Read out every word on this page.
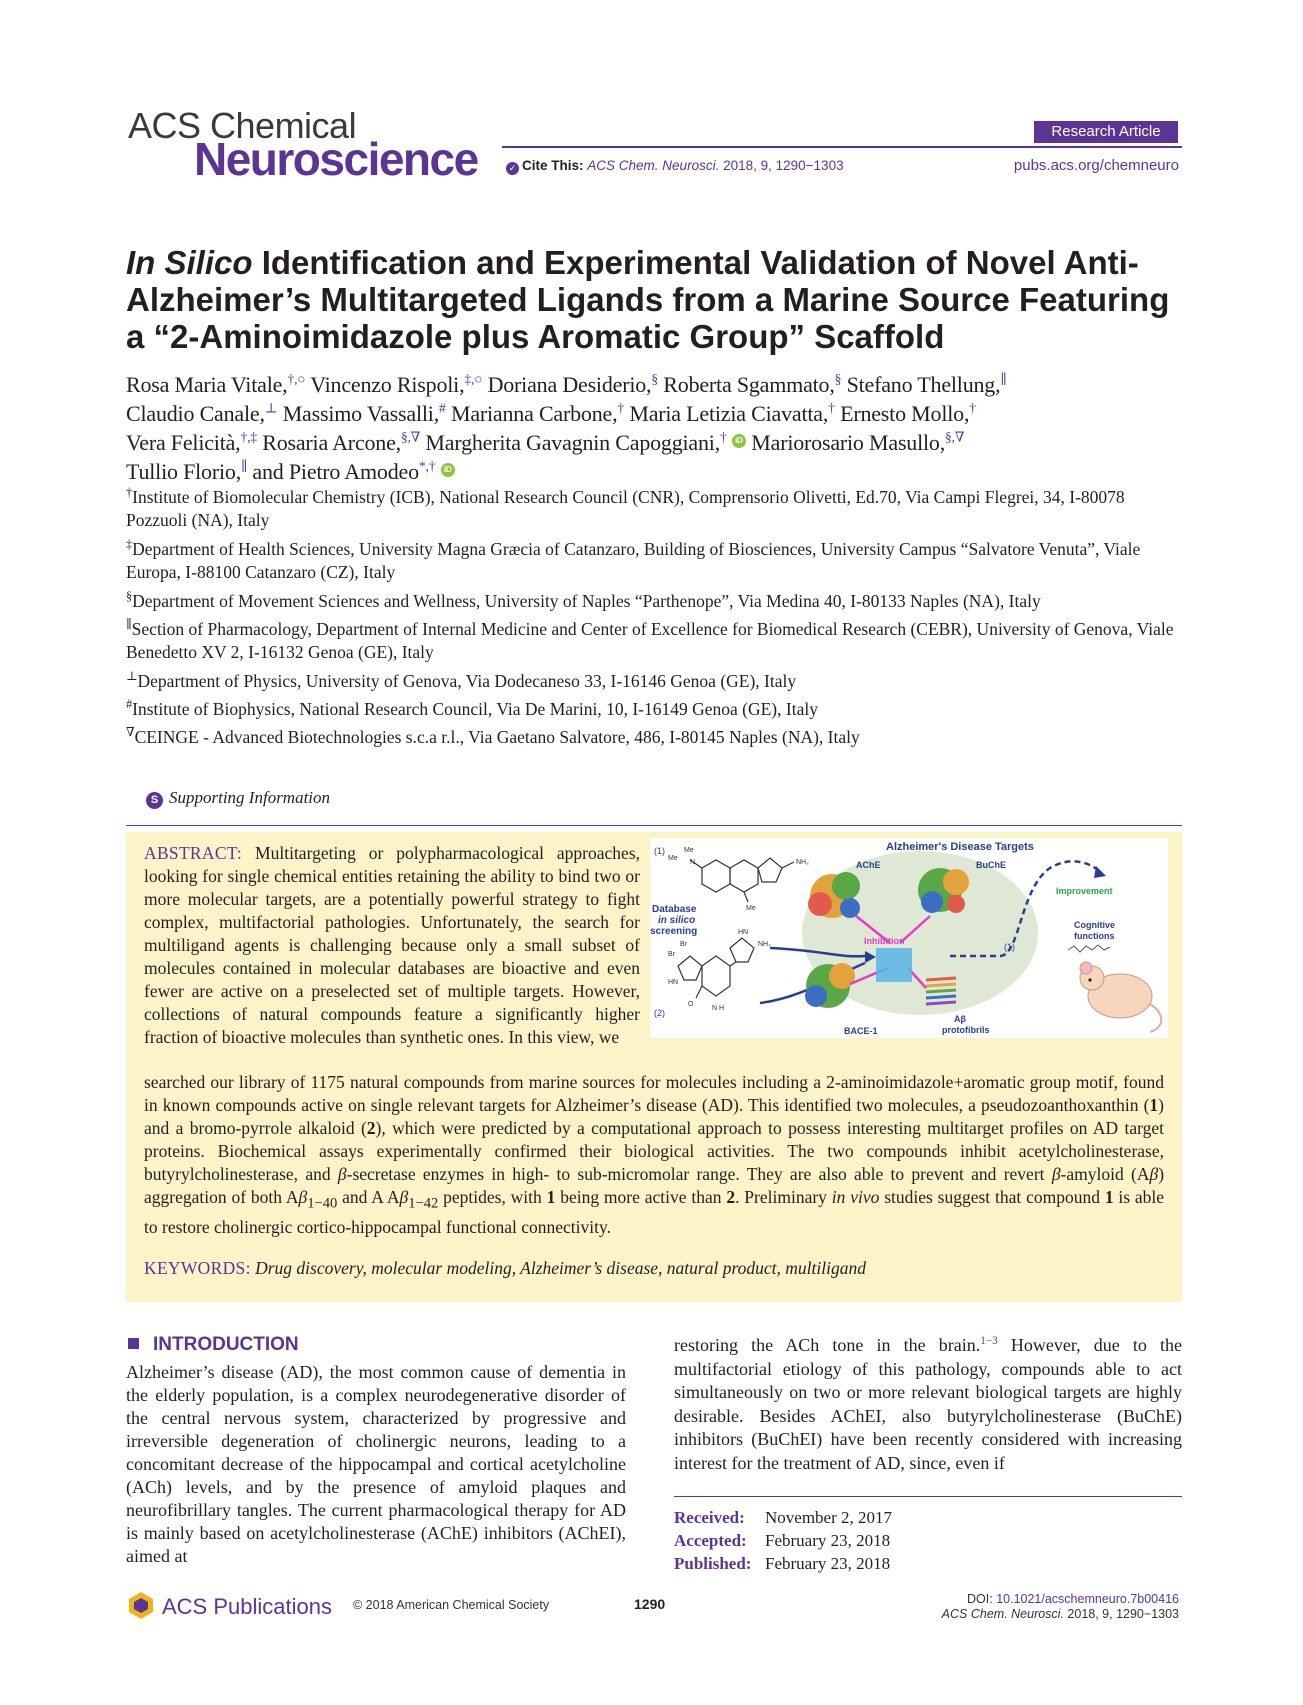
ACS Chemical
Neuroscience
Research Article
✓ Cite This: ACS Chem. Neurosci. 2018, 9, 1290−1303	pubs.acs.org/chemneuro
In Silico Identification and Experimental Validation of Novel Anti-Alzheimer’s Multitargeted Ligands from a Marine Source Featuring a “2-Aminoimidazole plus Aromatic Group” Scaffold
Rosa Maria Vitale,†,○ Vincenzo Rispoli,‡,○ Doriana Desiderio,§ Roberta Sgammato,§ Stefano Thellung,∥
Claudio Canale,⊥ Massimo Vassalli,# Marianna Carbone,† Maria Letizia Ciavatta,† Ernesto Mollo,†
Vera Felicità,†,‡ Rosaria Arcone,§,∇ Margherita Gavagnin Capoggiani,† iD Mariorosario Masullo,§,∇
Tullio Florio,∥ and Pietro Amodeo*,† iD
†Institute of Biomolecular Chemistry (ICB), National Research Council (CNR), Comprensorio Olivetti, Ed.70, Via Campi Flegrei, 34, I-80078 Pozzuoli (NA), Italy
‡Department of Health Sciences, University Magna Græcia of Catanzaro, Building of Biosciences, University Campus “Salvatore Venuta”, Viale Europa, I-88100 Catanzaro (CZ), Italy
§Department of Movement Sciences and Wellness, University of Naples “Parthenope”, Via Medina 40, I-80133 Naples (NA), Italy
∥Section of Pharmacology, Department of Internal Medicine and Center of Excellence for Biomedical Research (CEBR), University of Genova, Viale Benedetto XV 2, I-16132 Genoa (GE), Italy
⊥Department of Physics, University of Genova, Via Dodecaneso 33, I-16146 Genoa (GE), Italy
#Institute of Biophysics, National Research Council, Via De Marini, 10, I-16149 Genoa (GE), Italy
∇CEINGE - Advanced Biotechnologies s.c.a r.l., Via Gaetano Salvatore, 486, I-80145 Naples (NA), Italy
S Supporting Information
ABSTRACT: Multitargeting or polypharmacological approaches, looking for single chemical entities retaining the ability to bind two or more molecular targets, are a potentially powerful strategy to fight complex, multifactorial pathologies. Unfortunately, the search for multiligand agents is challenging because only a small subset of molecules contained in molecular databases are bioactive and even fewer are active on a preselected set of multiple targets. However, collections of natural compounds feature a significantly higher fraction of bioactive molecules than synthetic ones. In this view, we
searched our library of 1175 natural compounds from marine sources for molecules including a 2-aminoimidazole+aromatic group motif, found in known compounds active on single relevant targets for Alzheimer’s disease (AD). This identified two molecules, a pseudozoanthoxanthin (1) and a bromo-pyrrole alkaloid (2), which were predicted by a computational approach to possess interesting multitarget profiles on AD target proteins. Biochemical assays experimentally confirmed their biological activities. The two compounds inhibit acetylcholinesterase, butyrylcholinesterase, and β-secretase enzymes in high- to sub-micromolar range. They are also able to prevent and revert β-amyloid (Aβ) aggregation of both $A\beta_{1-40}$ and A $A\beta_{1-42}$ peptides, with 1 being more active than 2. Preliminary in vivo studies suggest that compound 1 is able to restore cholinergic cortico-hippocampal functional connectivity.
KEYWORDS: Drug discovery, molecular modeling, Alzheimer’s disease, natural product, multiligand
Alzheimer's Disease Targets
(1)
(2)
Me
Me
N	NH₂
Me
Database
in silico
screening
Br
Br
HN
HN
NH₂
O
N H
AChE	BuChE
BACE-1
Aβ
protofibrils
Inhibition
(1)
Improvement
Cognitive
functions
INTRODUCTION
Alzheimer’s disease (AD), the most common cause of dementia in the elderly population, is a complex neurodegenerative disorder of the central nervous system, characterized by progressive and irreversible degeneration of cholinergic neurons, leading to a concomitant decrease of the hippocampal and cortical acetylcholine (ACh) levels, and by the presence of amyloid plaques and neurofibrillary tangles. The current pharmacological therapy for AD is mainly based on acetylcholinesterase (AChE) inhibitors (AChEI), aimed at
restoring the ACh tone in the brain.$^{1-3}$ However, due to the multifactorial etiology of this pathology, compounds able to act simultaneously on two or more relevant biological targets are highly desirable. Besides AChEI, also butyrylcholinesterase (BuChE) inhibitors (BuChEI) have been recently considered with increasing interest for the treatment of AD, since, even if
Received: November 2, 2017
Accepted: February 23, 2018
Published: February 23, 2018
ACS Publications © 2018 American Chemical Society	1290	DOI: 10.1021/acschemneuro.7b00416
ACS Chem. Neurosci. 2018, 9, 1290−1303
